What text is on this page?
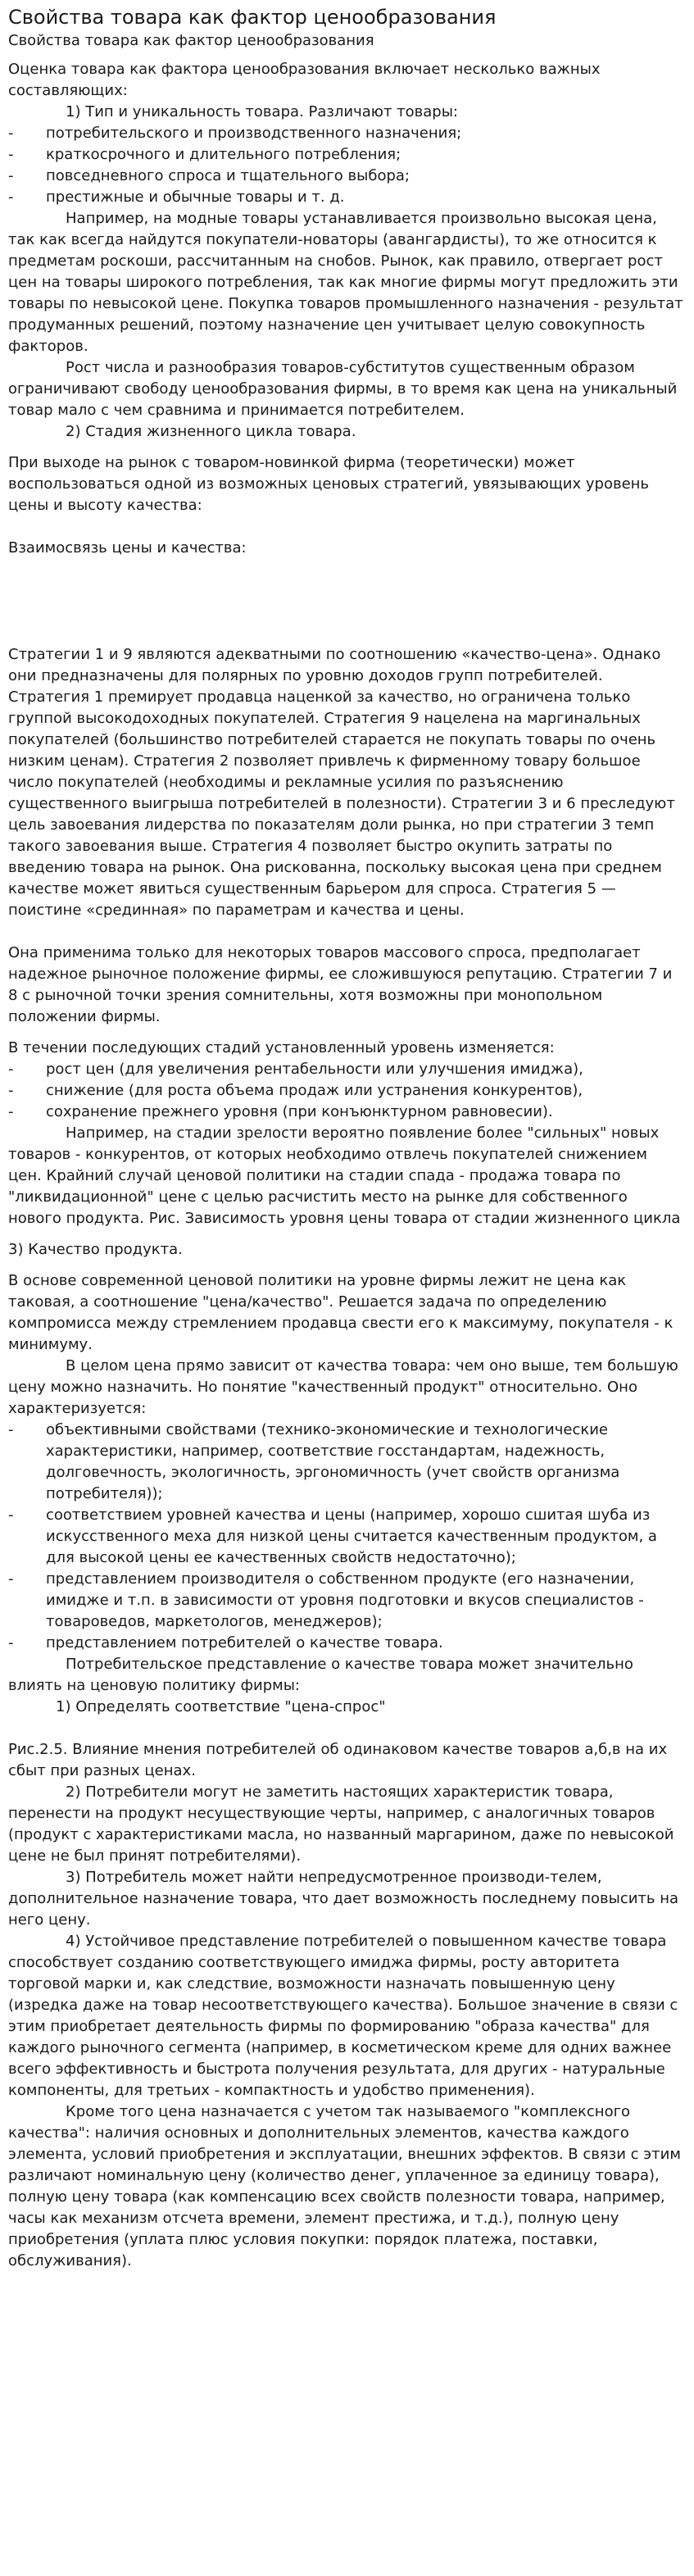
Свойства товара как фактор ценообразования
Свойства товара как фактор ценообразования

Оценка товара как фактора ценообразования включает несколько важных составляющих:

1) Тип и уникальность товара. Различают товары:

- потребительского и производственного назначения;

- краткосрочного и длительного потребления;

- повседневного спроса и тщательного выбора;

- престижные и обычные товары и т. д.

Например, на модные товары устанавливается произвольно высокая цена, так как всегда найдутся покупатели-новаторы (авангардисты), то же относится к предметам роскоши, рассчитанным на снобов. Рынок, как правило, отвергает рост цен на товары широкого потребления, так как многие фирмы могут предложить эти товары по невысокой цене. Покупка товаров промышленного назначения - результат продуманных решений, поэтому назначение цен учитывает целую совокупность факторов.

Рост числа и разнообразия товаров-субститутов существенным образом ограничивают свободу ценообразования фирмы, в то время как цена на уникальный товар мало с чем сравнима и принимается потребителем.

2) Стадия жизненного цикла товара.

При выходе на рынок с товаром-новинкой фирма (теоретически) может воспользоваться одной из возможных ценовых стратегий, увязывающих уровень цены и высоту качества:

Взаимосвязь цены и качества:

Стратегии 1 и 9 являются адекватными по соотношению «качество-цена». Однако они предназначены для полярных по уровню доходов групп потребителей. Стратегия 1 премирует продавца наценкой за качество, но ограничена только группой высокодоходных покупателей. Стратегия 9 нацелена на маргинальных покупателей (большинство потребителей старается не покупать товары по очень низким ценам). Стратегия 2 позволяет привлечь к фирменному товару большое число покупателей (необходимы и рекламные усилия по разъяснению существенного выигрыша потребителей в полезности). Стратегии 3 и 6 преследуют цель завоевания лидерства по показателям доли рынка, но при стратегии 3 темп такого завоевания выше. Стратегия 4 позволяет быстро окупить затраты по введению товара на рынок. Она рискованна, поскольку высокая цена при среднем качестве может явиться существенным барьером для спроса. Стратегия 5 — поистине «срединная» по параметрам и качества и цены.

Она применима только для некоторых товаров массового спроса, предполагает надежное рыночное положение фирмы, ее сложившуюся репутацию. Стратегии 7 и 8 с рыночной точки зрения сомнительны, хотя возможны при монопольном положении фирмы.

В течении последующих стадий установленный уровень изменяется:

- рост цен (для увеличения рентабельности или улучшения имиджа),

- снижение (для роста объема продаж или устранения конкурентов),

- сохранение прежнего уровня (при конъюнктурном равновесии).

Например, на стадии зрелости вероятно появление более "сильных" новых товаров - конкурентов, от которых необходимо отвлечь покупателей снижением цен. Крайний случай ценовой политики на стадии спада - продажа товара по "ликвидационной" цене с целью расчистить место на рынке для собственного нового продукта. Рис. Зависимость уровня цены товара от стадии жизненного цикла

3) Качество продукта.

В основе современной ценовой политики на уровне фирмы лежит не цена как таковая, а соотношение "цена/качество". Решается задача по определению компромисса между стремлением продавца свести его к максимуму, покупателя - к минимуму.

В целом цена прямо зависит от качества товара: чем оно выше, тем большую цену можно назначить. Но понятие "качественный продукт" относительно. Оно характеризуется:

- объективными свойствами (технико-экономические и технологические характеристики, например, соответствие госстандартам, надежность, долговечность, экологичность, эргономичность (учет свойств организма потребителя));

- соответствием уровней качества и цены (например, хорошо сшитая шуба из искусственного меха для низкой цены считается качественным продуктом, а для высокой цены ее качественных свойств недостаточно);

- представлением производителя о собственном продукте (его назначении, имидже и т.п. в зависимости от уровня подготовки и вкусов специалистов - товароведов, маркетологов, менеджеров);

- представлением потребителей о качестве товара.

Потребительское представление о качестве товара может значительно влиять на ценовую политику фирмы:

1) Определять соответствие "цена-спрос"

Рис.2.5. Влияние мнения потребителей об одинаковом качестве товаров а,б,в на их сбыт при разных ценах.

2) Потребители могут не заметить настоящих характеристик товара, перенести на продукт несуществующие черты, например, с аналогичных товаров (продукт с характеристиками масла, но названный маргарином, даже по невысокой цене не был принят потребителями).

3) Потребитель может найти непредусмотренное производи-телем, дополнительное назначение товара, что дает возможность последнему повысить на него цену.

4) Устойчивое представление потребителей о повышенном качестве товара способствует созданию соответствующего имиджа фирмы, росту авторитета торговой марки и, как следствие, возможности назначать повышенную цену (изредка даже на товар несоответствующего качества). Большое значение в связи с этим приобретает деятельность фирмы по формированию "образа качества" для каждого рыночного сегмента (например, в косметическом креме для одних важнее всего эффективность и быстрота получения результата, для других - натуральные компоненты, для третьих - компактность и удобство применения).

Кроме того цена назначается с учетом так называемого "комплексного качества": наличия основных и дополнительных элементов, качества каждого элемента, условий приобретения и эксплуатации, внешних эффектов. В связи с этим различают номинальную цену (количество денег, уплаченное за единицу товара), полную цену товара (как компенсацию всех свойств полезности товара, например, часы как механизм отсчета времени, элемент престижа, и т.д.), полную цену приобретения (уплата плюс условия покупки: порядок платежа, поставки, обслуживания).
